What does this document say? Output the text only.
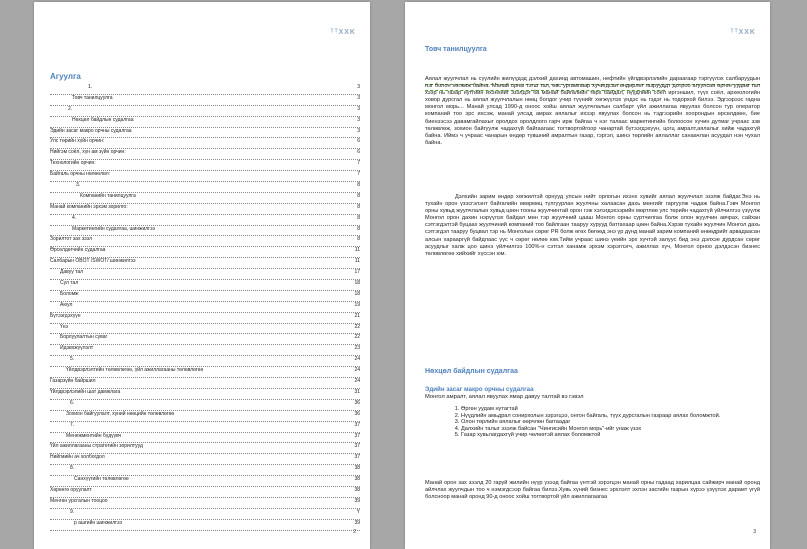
ᵀᵀXXK
Агуулга
1.	3
Товч танилцуулга	3
2.	3
Нөхцөл байдлын судалгаа	3
Эдийн засаг макро орчны судалгаа	3
Улс төрийн хүйн орчин:	6
Нийгэм соёл, хүн ам зүйн орчин:	6
Технологийн орчин:	7
Байгаль орчны нөлөөлөл:	7
3.	8
Компанийн танилцуулга	8
Манай компанийн эрхэм зорилго:	8
4.	8
Маркетингийн судалгаа, шинжилгээ	8
Зорилтот зах зээл	8
Өрсөлдөгчийн судалгаа	11
Салбарын OBOT /SWOT/ шинжилгээ	11
Давуу тал	17
Сул тал	18
Боломж	18
Аюул	19
Бүтээгдэхүүн	21
Үнэ	22
Борлуулалтын суваг	22
Идэвхжүүлэлт	23
5.	24
Үйлдвэрлэлтийн төлөвлөгөө, үйл ажиллагааны төлөвлөгөө	24
Газарзүйн байршил	24
Үйлдвэрлэлийн шат дамжлага	31
6.	36
Зохион байгуулалт, хүний нөөцийн төлөвлөгөө	36
7.	37
Менежментийн бүдүүвч	37
Үйл ажиллагааны стратегийн зорилтууд	37
Нийгмийн ач холбогдол	37
8.	38
Санхүүгийн төлөвлөгөө	38
Хөрөнгө оруулалт	38
Менгөн урсгалын тооцоо	39
9.	Y
р ашгийн шинжилгээ	39
2
ᵀᵀXXK
Товч танилцуулга
Аялал жуулчлал нь сүүлийн жилүүдэд дэлхий дахинд автомашин, нефтийн үйлдвэрлэлийн дараагаар тэргүүлэх салбаруудын нэг болон хөгжиж байна. Манай орны тэгш тал, өвс ургамлаар хучигдсан өндөрлөг газрууддт дотроо агуулсан өргөн уудам тал хээр нь газар нутгийн ихэнхийг эзэлдэг ба манай байгалийн төрх байдал, нүүдлийн соёл иргэншил, түүх соёл, археологийн ховор дурсгал нь аялал жуулчлалын нөөц болдог учир түүнийг хөгжүүлэх үндэс нь гэдэг нь тодорхой билээ. Эдгээрээс гадна монгол морь... Манай улсад 1990-д оноос хойш аялал жуулчлалын салбарт үйл ажиллагаа явуулах болсон тур оператор компаний тоо эрс ихсэж, манай улсад амрах аялалыг ихээр явуулах болсон нь тэдгээрийн хоорондын өрсөлдөөн, бие биенээсээ давамгайлахыг оролдох оролдлого гарч ирж байгаа ч нэг талаас маркетингийн болоосон хүчин дутмаг учраас зэв төлөвлөж, зохион байгуулж чадахгүй байгаагаас тогтвортойгоор чанартай бүтээгдэхүүн, цогц амралт,аялалыг хийж чадахгүй байна. Иймэ ч учраас чанарын өндөр түвшний амралтын газар, гэргэл, шинэ төрлийн аялаллаг санаачлан асуудал нэн чухал байна.
Дэлхийн зарим өндөр хөгжилтэй орнууд улсын нийт орлогын ихэнх хувийг аялал жуулчлал эзэлж байдаг.Энэ нь тухайн орон үзэсгэлэнт байгалийн өвөрмөц түлгуурлан жуулчны халаасан дахь мөнгийг гаргуулж чадаж байна.Гэвч Монгол орны хувьд жуулчлалын хувьд цөөн тооны жуулчинтай орон гэж хэлэгдэхээрийн мөртлөө улс төрийн чадахгүй үйлчилгээ үзүүлж Монгол орон дахин нэрүүлэх байдал мөн тэр жуулчний цааш Монгол орны суртчилгаа болж олон жуулчин авчрах, сайхан сэтгэгдэлтэй буцаах жуулчиний компаний тоо байлгаан тааруу хурууд батгахаар цөөн байна.Хэрэв тухайн жуулчин Монгол даxь сэтгэгдэл тааруу буцвал тэр нь Монголын сөрөг PR болж өгөх бөгөөд энэ үр дүнд манай зарим компаний өнөөдрийг арвадаасан алсын харааргүй байдлаас үүс ч сөрөг нөлөө юм.Тийм учраас шинэ үеийн эрх хүчтэй залуус бид энэ дэлхэе дурдсан сөрөг асуудлыг халж цоо шинэ үйлчилгээ 100%-н сэтгэл ханамж эрхэм хэрэглэгч, ажиллах хүч, Монгол орноо дэлдэсэн бизнес төлөвлөгөө хийхийг хүссэн юм.
Нөхцөл байдлын судалгаа
Эдийн засаг макро орчны судалгаа
Монгол амралт, аялал явуулах ямар давуу талтай вэ гэвэл
1. Өргөн уудам нутагтай
2. Нүүдлийн амьдрал сонирхолын зэрэгцээ, онгон байгаль, түүх дурсгалын газраар аялах боломжтой.
3. Олон төрлийн аялалыг өөрчлөн баггаадаг
4. Далхийн талыг эзэлж байсан "Чингисийн Монгол морь"-ийг унаж үзэх
5. Газар хувьлагдахгүй учир чөлөөтэй аялах боломжтой
Манай орон зах зээлд 20 гаруй жилийн нүүр үзээд байгаа үнтгэй зэрэгцэн манай орны гадаад харилцаа сайжирч манай оронд айлчлах жуулчдын тоо ч нэмэгдсээр байгаа билээ.Хувь хүний бизнес эрхлэлт эхлэн засгийн газрын хүрээ үзүүлэх дарамт үгүй болсноор манай оронд 90-д оноос хойш тогтвортой үйл ажиллагаагаа
3
